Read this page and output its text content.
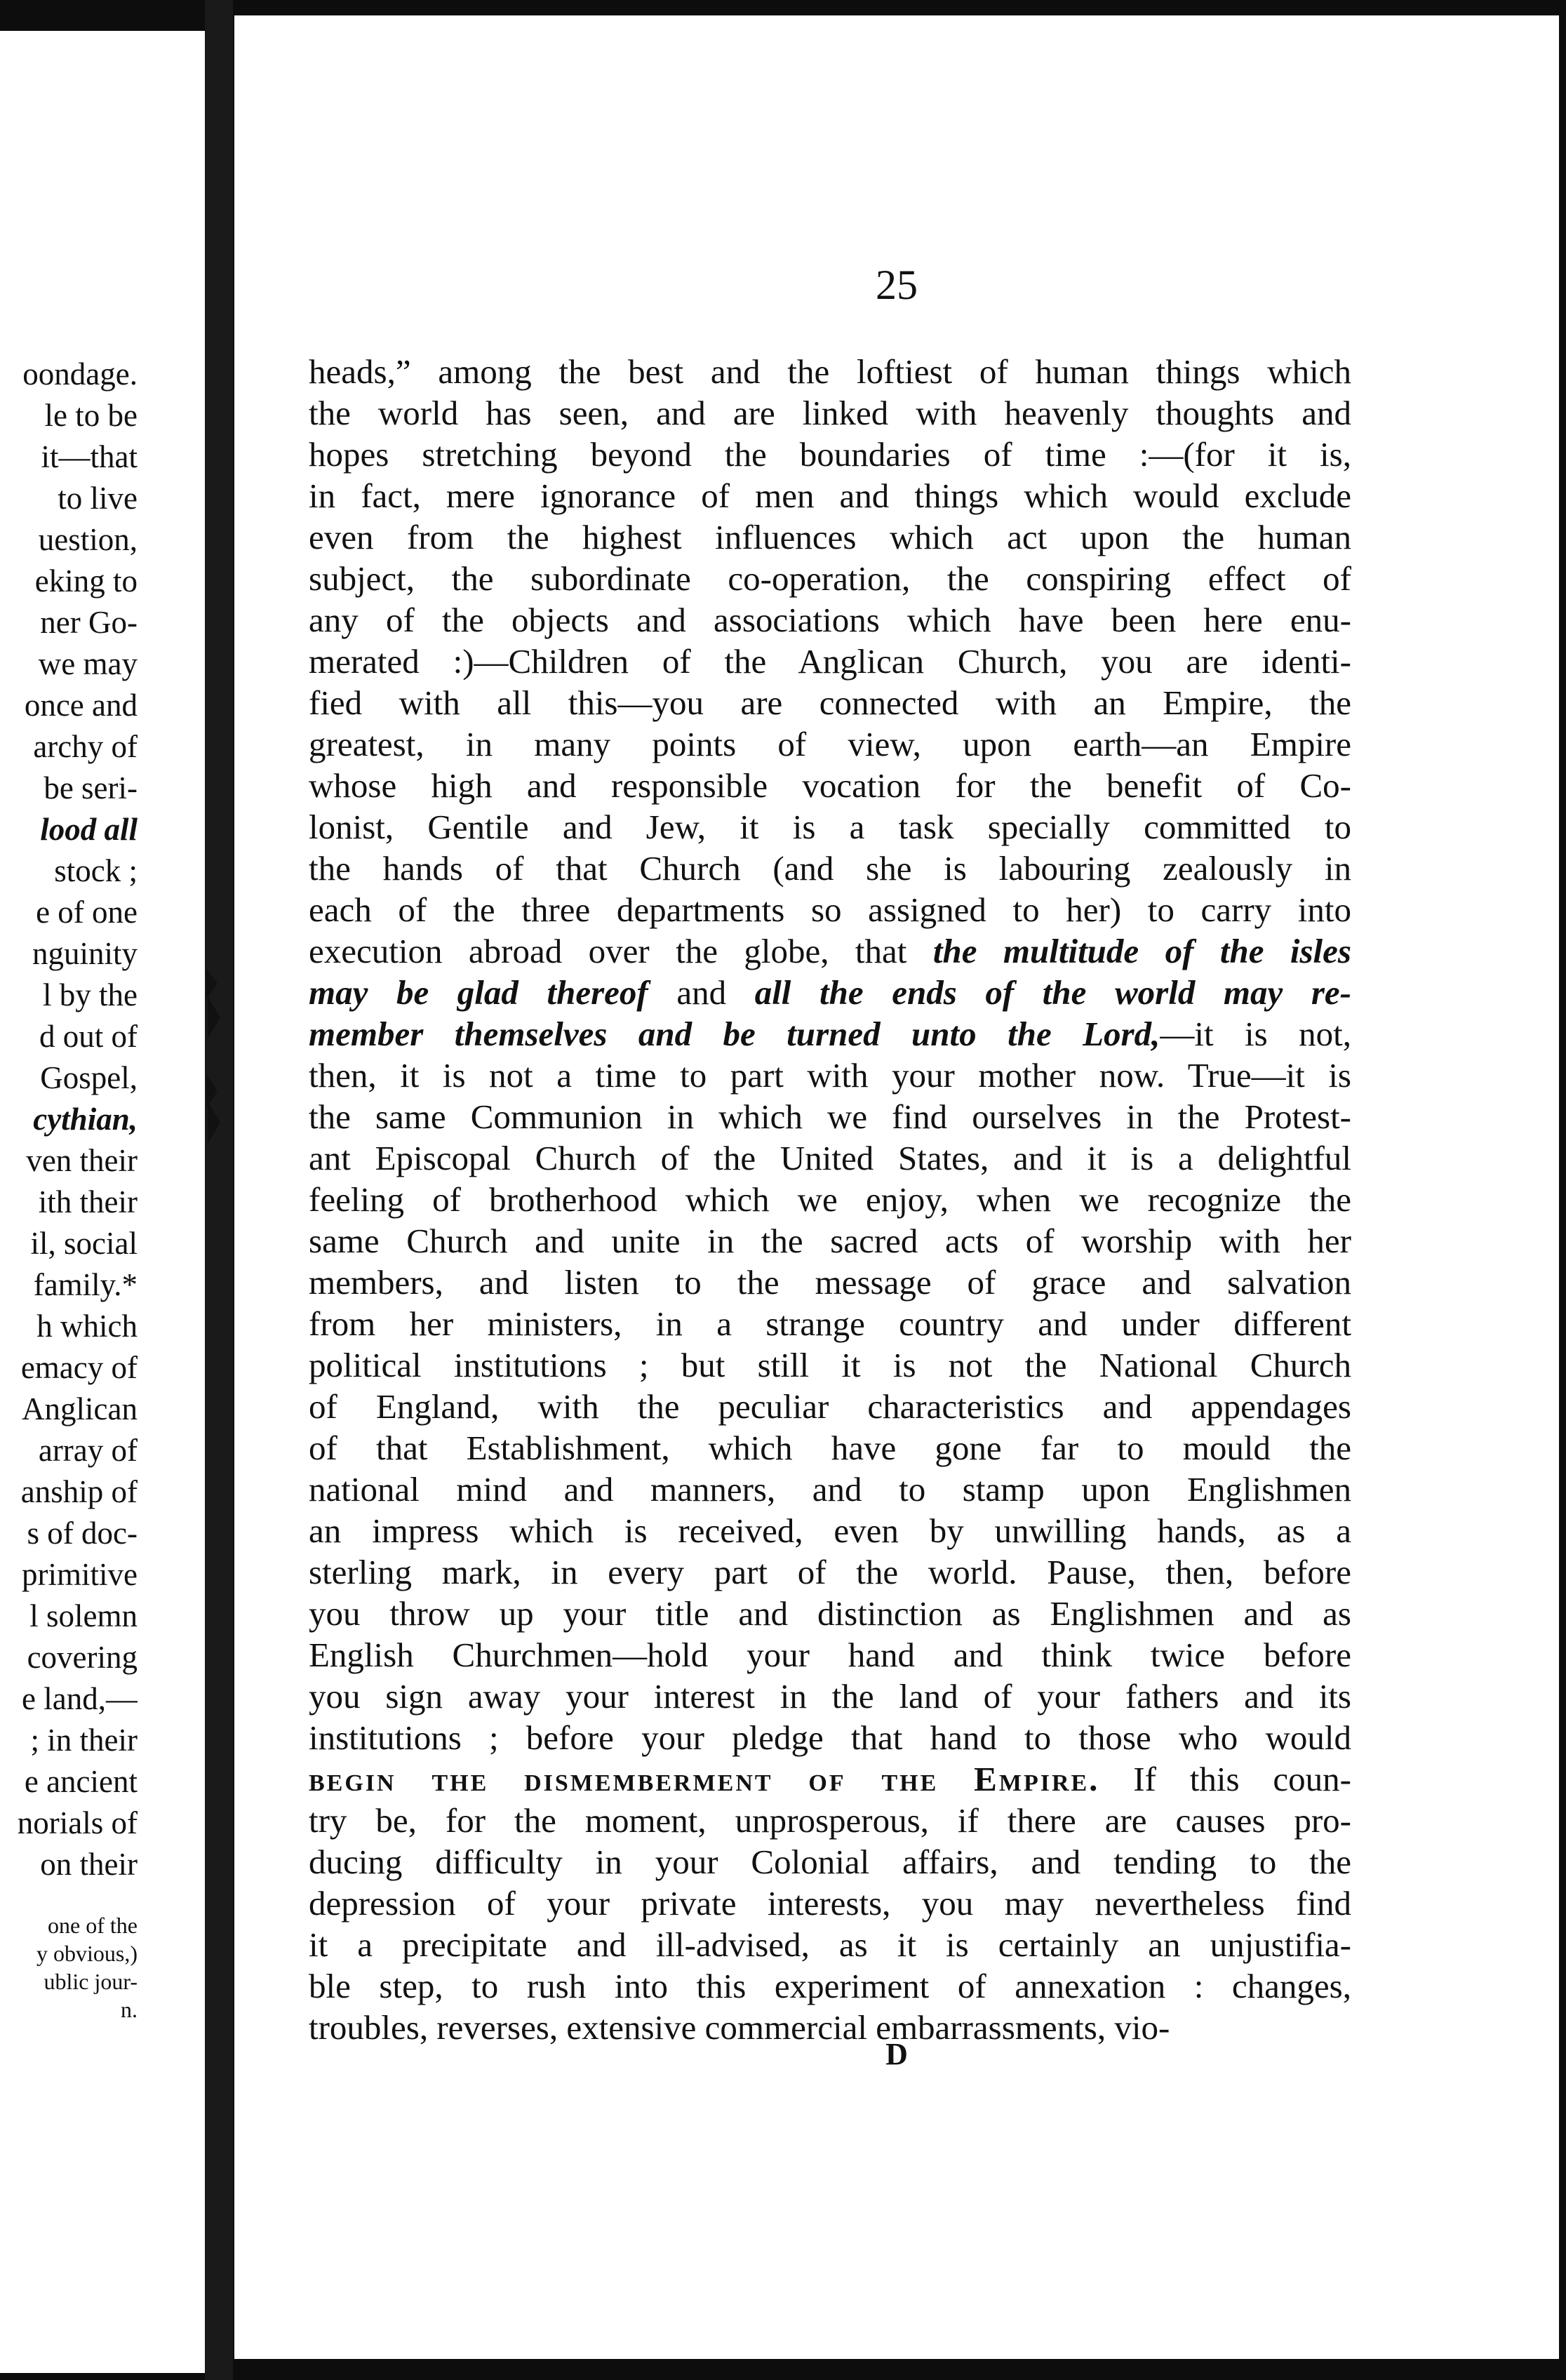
oondage.
le to be
it—that
to live
uestion,
eking to
ner Go-
we may
once and
archy of
be seri-
lood all
stock ;
e of one
nguinity
l by the
d out of
Gospel,
cythian,
ven their
ith their
il, social
family.*
h which
emacy of
Anglican
array of
anship of
s of doc-
primitive
l solemn
covering
e land,—
; in their
e ancient
norials of
on their
one of the
y obvious,)
ublic jour-
n.
25
heads,” among the best and the loftiest of human things which
the world has seen, and are linked with heavenly thoughts and
hopes stretching beyond the boundaries of time :—(for it is,
in fact, mere ignorance of men and things which would exclude
even from the highest influences which act upon the human
subject, the subordinate co-operation, the conspiring effect of
any of the objects and associations which have been here enu-
merated :)—Children of the Anglican Church, you are identi-
fied with all this—you are connected with an Empire, the
greatest, in many points of view, upon earth—an Empire
whose high and responsible vocation for the benefit of Co-
lonist, Gentile and Jew, it is a task specially committed to
the hands of that Church (and she is labouring zealously in
each of the three departments so assigned to her) to carry into
execution abroad over the globe, that the multitude of the isles
may be glad thereof and all the ends of the world may re-
member themselves and be turned unto the Lord,—it is not,
then, it is not a time to part with your mother now. True—it is
the same Communion in which we find ourselves in the Protest-
ant Episcopal Church of the United States, and it is a delightful
feeling of brotherhood which we enjoy, when we recognize the
same Church and unite in the sacred acts of worship with her
members, and listen to the message of grace and salvation
from her ministers, in a strange country and under different
political institutions ; but still it is not the National Church
of England, with the peculiar characteristics and appendages
of that Establishment, which have gone far to mould the
national mind and manners, and to stamp upon Englishmen
an impress which is received, even by unwilling hands, as a
sterling mark, in every part of the world. Pause, then, before
you throw up your title and distinction as Englishmen and as
English Churchmen—hold your hand and think twice before
you sign away your interest in the land of your fathers and its
institutions ; before your pledge that hand to those who would
begin the dismemberment of the Empire. If this coun-
try be, for the moment, unprosperous, if there are causes pro-
ducing difficulty in your Colonial affairs, and tending to the
depression of your private interests, you may nevertheless find
it a precipitate and ill-advised, as it is certainly an unjustifia-
ble step, to rush into this experiment of annexation : changes,
troubles, reverses, extensive commercial embarrassments, vio-
D
